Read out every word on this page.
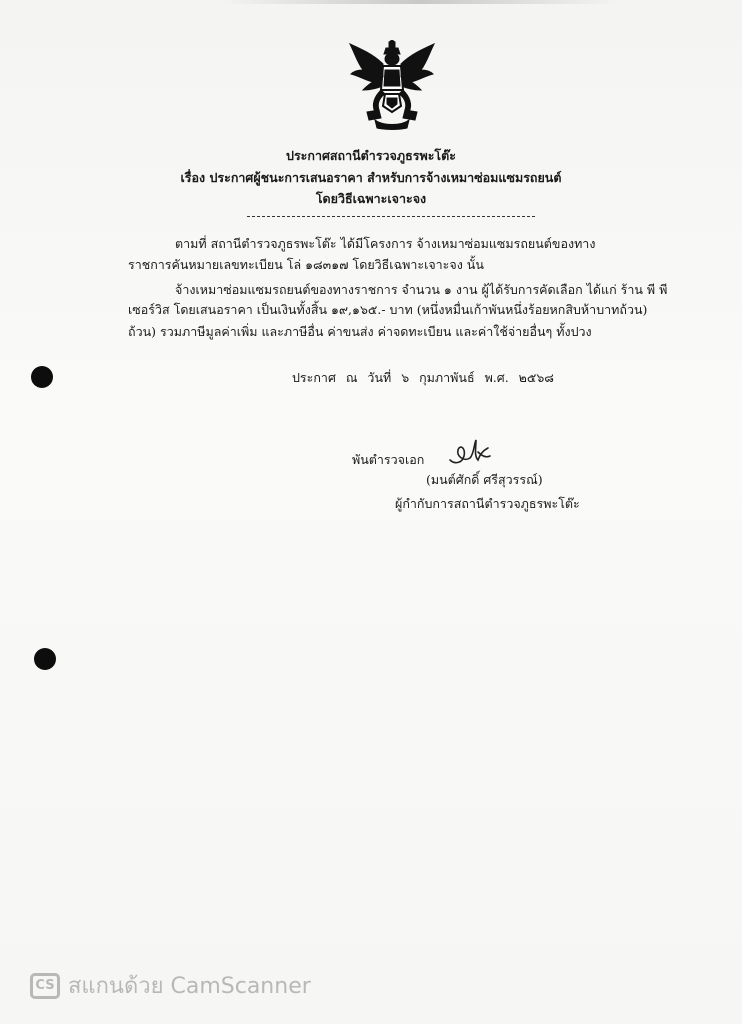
ประกาศสถานีตำรวจภูธรพะโต๊ะ
เรื่อง ประกาศผู้ชนะการเสนอราคา สำหรับการจ้างเหมาซ่อมแซมรถยนต์
โดยวิธีเฉพาะเจาะจง
ตามที่ สถานีตำรวจภูธรพะโต๊ะ ได้มีโครงการ จ้างเหมาซ่อมแซมรถยนต์ของทาง
ราชการคันหมายเลขทะเบียน โล่ ๑๘๓๑๗ โดยวิธีเฉพาะเจาะจง นั้น
จ้างเหมาซ่อมแซมรถยนต์ของทางราชการ จำนวน ๑ งาน ผู้ได้รับการคัดเลือก ได้แก่ ร้าน พี พี
เซอร์วิส โดยเสนอราคา เป็นเงินทั้งสิ้น ๑๙,๑๖๕.- บาท (หนึ่งหมื่นเก้าพันหนึ่งร้อยหกสิบห้าบาทถ้วน)
ถ้วน) รวมภาษีมูลค่าเพิ่ม และภาษีอื่น ค่าขนส่ง ค่าจดทะเบียน และค่าใช้จ่ายอื่นๆ ทั้งปวง
ประกาศ ณ วันที่ ๖ กุมภาพันธ์ พ.ศ. ๒๕๖๘
พันตำรวจเอก
(มนต์ศักดิ์ ศรีสุวรรณ์)
ผู้กำกับการสถานีตำรวจภูธรพะโต๊ะ
CS สแกนด้วย CamScanner
